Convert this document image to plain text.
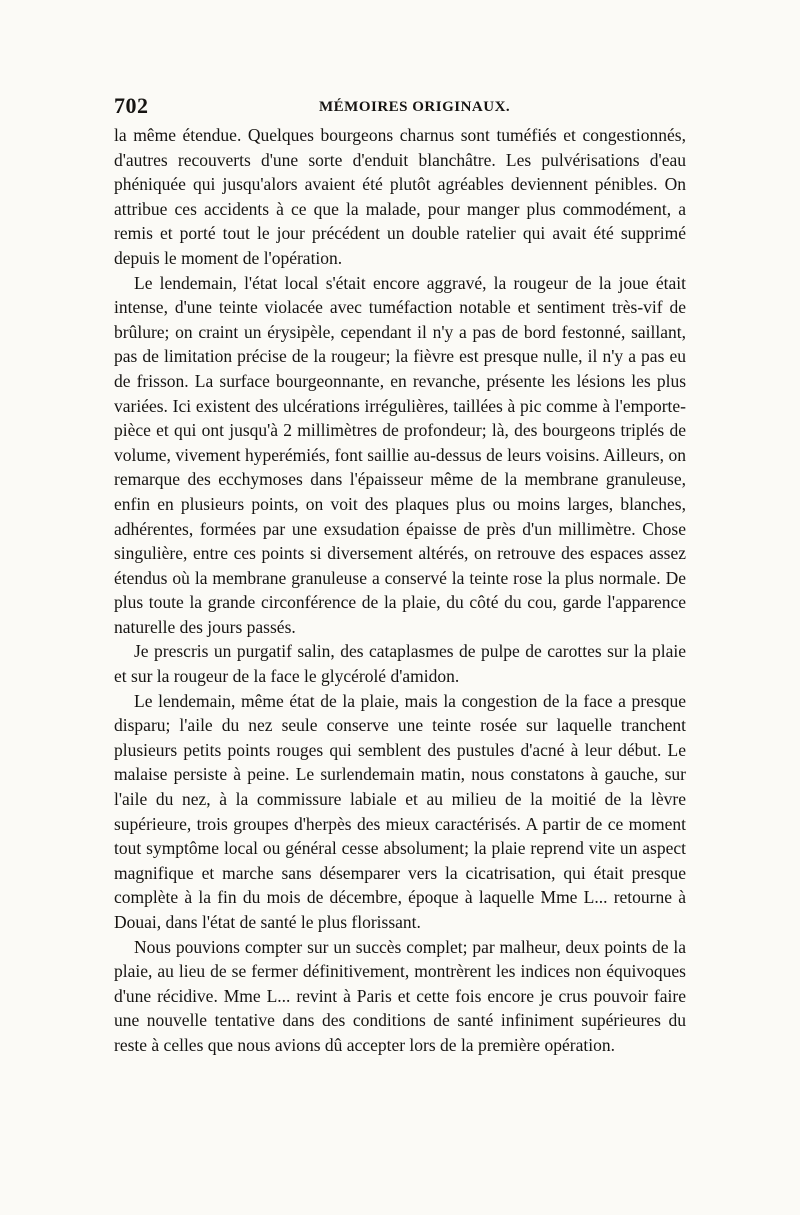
702	MÉMOIRES ORIGINAUX.

la même étendue. Quelques bourgeons charnus sont tuméfiés et congestionnés, d'autres recouverts d'une sorte d'enduit blanchâtre. Les pulvérisations d'eau phéniquée qui jusqu'alors avaient été plutôt agréables deviennent pénibles. On attribue ces accidents à ce que la malade, pour manger plus commodément, a remis et porté tout le jour précédent un double ratelier qui avait été supprimé depuis le moment de l'opération.

Le lendemain, l'état local s'était encore aggravé, la rougeur de la joue était intense, d'une teinte violacée avec tuméfaction notable et sentiment très-vif de brûlure; on craint un érysipèle, cependant il n'y a pas de bord festonné, saillant, pas de limitation précise de la rougeur; la fièvre est presque nulle, il n'y a pas eu de frisson. La surface bourgeonnante, en revanche, présente les lésions les plus variées. Ici existent des ulcérations irrégulières, taillées à pic comme à l'emporte-pièce et qui ont jusqu'à 2 millimètres de profondeur; là, des bourgeons triplés de volume, vivement hyperémiés, font saillie au-dessus de leurs voisins. Ailleurs, on remarque des ecchymoses dans l'épaisseur même de la membrane granuleuse, enfin en plusieurs points, on voit des plaques plus ou moins larges, blanches, adhérentes, formées par une exsudation épaisse de près d'un millimètre. Chose singulière, entre ces points si diversement altérés, on retrouve des espaces assez étendus où la membrane granuleuse a conservé la teinte rose la plus normale. De plus toute la grande circonférence de la plaie, du côté du cou, garde l'apparence naturelle des jours passés.

Je prescris un purgatif salin, des cataplasmes de pulpe de carottes sur la plaie et sur la rougeur de la face le glycérolé d'amidon.

Le lendemain, même état de la plaie, mais la congestion de la face a presque disparu; l'aile du nez seule conserve une teinte rosée sur laquelle tranchent plusieurs petits points rouges qui semblent des pustules d'acné à leur début. Le malaise persiste à peine. Le surlendemain matin, nous constatons à gauche, sur l'aile du nez, à la commissure labiale et au milieu de la moitié de la lèvre supérieure, trois groupes d'herpès des mieux caractérisés. A partir de ce moment tout symptôme local ou général cesse absolument; la plaie reprend vite un aspect magnifique et marche sans désemparer vers la cicatrisation, qui était presque complète à la fin du mois de décembre, époque à laquelle Mme L... retourne à Douai, dans l'état de santé le plus florissant.

Nous pouvions compter sur un succès complet; par malheur, deux points de la plaie, au lieu de se fermer définitivement, montrèrent les indices non équivoques d'une récidive. Mme L... revint à Paris et cette fois encore je crus pouvoir faire une nouvelle tentative dans des conditions de santé infiniment supérieures du reste à celles que nous avions dû accepter lors de la première opération.
